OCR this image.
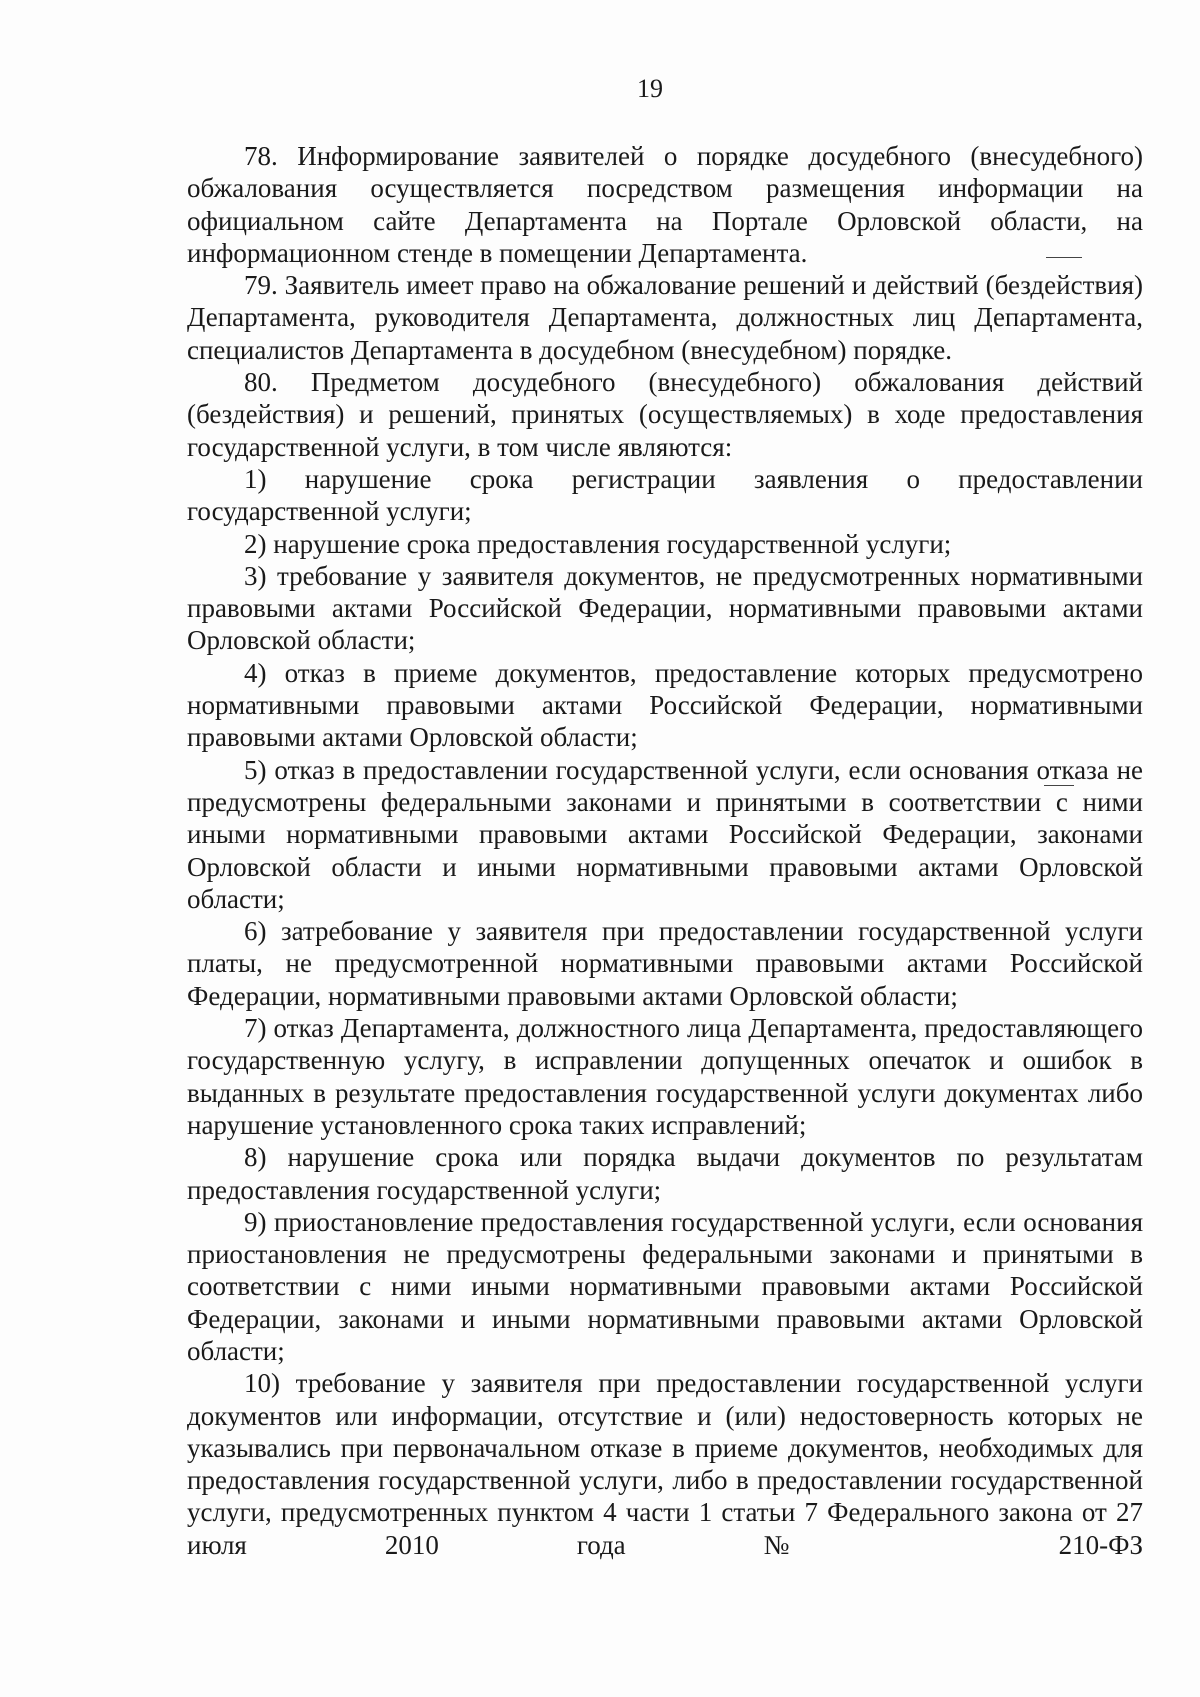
19

78. Информирование заявителей о порядке досудебного (внесудебного) обжалования осуществляется посредством размещения информации на официальном сайте Департамента на Портале Орловской области, на информационном стенде в помещении Департамента.

79. Заявитель имеет право на обжалование решений и действий (бездействия) Департамента, руководителя Департамента, должностных лиц Департамента, специалистов Департамента в досудебном (внесудебном) порядке.

80. Предметом досудебного (внесудебного) обжалования действий (бездействия) и решений, принятых (осуществляемых) в ходе предоставления государственной услуги, в том числе являются:

1) нарушение срока регистрации заявления о предоставлении государственной услуги;

2) нарушение срока предоставления государственной услуги;

3) требование у заявителя документов, не предусмотренных нормативными правовыми актами Российской Федерации, нормативными правовыми актами Орловской области;

4) отказ в приеме документов, предоставление которых предусмотрено нормативными правовыми актами Российской Федерации, нормативными правовыми актами Орловской области;

5) отказ в предоставлении государственной услуги, если основания отказа не предусмотрены федеральными законами и принятыми в соответствии с ними иными нормативными правовыми актами Российской Федерации, законами Орловской области и иными нормативными правовыми актами Орловской области;

6) затребование у заявителя при предоставлении государственной услуги платы, не предусмотренной нормативными правовыми актами Российской Федерации, нормативными правовыми актами Орловской области;

7) отказ Департамента, должностного лица Департамента, предоставляющего государственную услугу, в исправлении допущенных опечаток и ошибок в выданных в результате предоставления государственной услуги документах либо нарушение установленного срока таких исправлений;

8) нарушение срока или порядка выдачи документов по результатам предоставления государственной услуги;

9) приостановление предоставления государственной услуги, если основания приостановления не предусмотрены федеральными законами и принятыми в соответствии с ними иными нормативными правовыми актами Российской Федерации, законами и иными нормативными правовыми актами Орловской области;

10) требование у заявителя при предоставлении государственной услуги документов или информации, отсутствие и (или) недостоверность которых не указывались при первоначальном отказе в приеме документов, необходимых для предоставления государственной услуги, либо в предоставлении государственной услуги, предусмотренных пунктом 4 части 1 статьи 7 Федерального закона от 27 июля 2010 года № 210-ФЗ
